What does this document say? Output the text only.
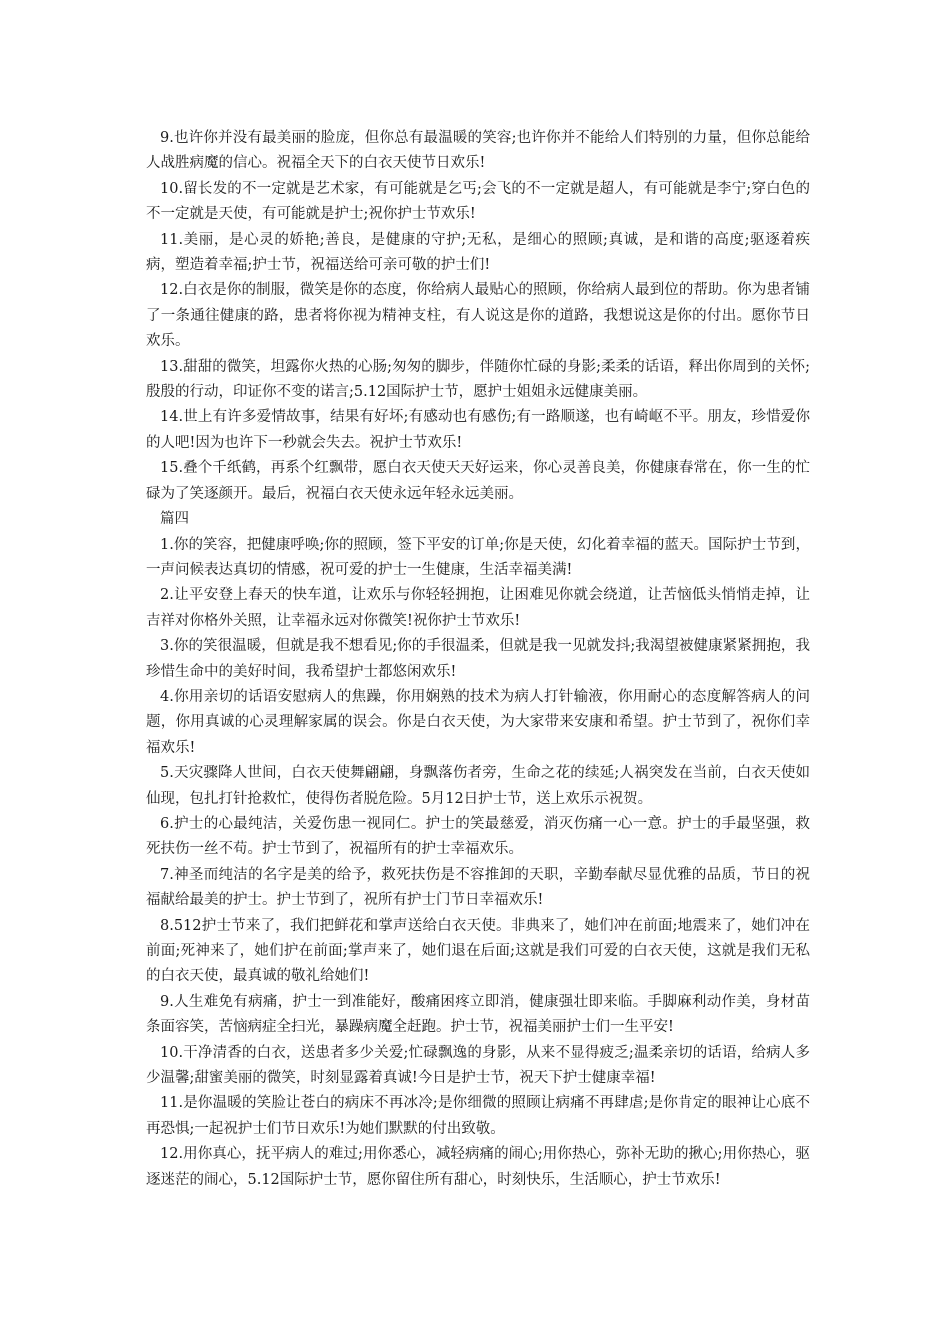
9.也许你并没有最美丽的脸庞，但你总有最温暖的笑容;也许你并不能给人们特别的力量，但你总能给人战胜病魔的信心。祝福全天下的白衣天使节日欢乐!

10.留长发的不一定就是艺术家，有可能就是乞丐;会飞的不一定就是超人，有可能就是李宁;穿白色的不一定就是天使，有可能就是护士;祝你护士节欢乐!

11.美丽，是心灵的娇艳;善良，是健康的守护;无私，是细心的照顾;真诚，是和谐的高度;驱逐着疾病，塑造着幸福;护士节，祝福送给可亲可敬的护士们!

12.白衣是你的制服，微笑是你的态度，你给病人最贴心的照顾，你给病人最到位的帮助。你为患者铺了一条通往健康的路，患者将你视为精神支柱，有人说这是你的道路，我想说这是你的付出。愿你节日欢乐。

13.甜甜的微笑，坦露你火热的心肠;匆匆的脚步，伴随你忙碌的身影;柔柔的话语，释出你周到的关怀;殷殷的行动，印证你不变的诺言;5.12国际护士节，愿护士姐姐永远健康美丽。

14.世上有许多爱情故事，结果有好坏;有感动也有感伤;有一路顺遂，也有崎岖不平。朋友，珍惜爱你的人吧!因为也许下一秒就会失去。祝护士节欢乐!

15.叠个千纸鹤，再系个红飘带，愿白衣天使天天好运来，你心灵善良美，你健康春常在，你一生的忙碌为了笑逐颜开。最后，祝福白衣天使永远年轻永远美丽。

篇四

1.你的笑容，把健康呼唤;你的照顾，签下平安的订单;你是天使，幻化着幸福的蓝天。国际护士节到，一声问候表达真切的情感，祝可爱的护士一生健康，生活幸福美满!

2.让平安登上春天的快车道，让欢乐与你轻轻拥抱，让困难见你就会绕道，让苦恼低头悄悄走掉，让吉祥对你格外关照，让幸福永远对你微笑!祝你护士节欢乐!

3.你的笑很温暖，但就是我不想看见;你的手很温柔，但就是我一见就发抖;我渴望被健康紧紧拥抱，我珍惜生命中的美好时间，我希望护士都悠闲欢乐!

4.你用亲切的话语安慰病人的焦躁，你用娴熟的技术为病人打针输液，你用耐心的态度解答病人的问题，你用真诚的心灵理解家属的误会。你是白衣天使，为大家带来安康和希望。护士节到了，祝你们幸福欢乐!

5.天灾骤降人世间，白衣天使舞翩翩，身飘落伤者旁，生命之花的续延;人祸突发在当前，白衣天使如仙现，包扎打针抢救忙，使得伤者脱危险。5月12日护士节，送上欢乐示祝贺。

6.护士的心最纯洁，关爱伤患一视同仁。护士的笑最慈爱，消灭伤痛一心一意。护士的手最坚强，救死扶伤一丝不苟。护士节到了，祝福所有的护士幸福欢乐。

7.神圣而纯洁的名字是美的给予，救死扶伤是不容推卸的天职，辛勤奉献尽显优雅的品质，节日的祝福献给最美的护士。护士节到了，祝所有护士门节日幸福欢乐!

8.512护士节来了，我们把鲜花和掌声送给白衣天使。非典来了，她们冲在前面;地震来了，她们冲在前面;死神来了，她们护在前面;掌声来了，她们退在后面;这就是我们可爱的白衣天使，这就是我们无私的白衣天使，最真诚的敬礼给她们!

9.人生难免有病痛，护士一到准能好，酸痛困疼立即消，健康强壮即来临。手脚麻利动作美，身材苗条面容笑，苦恼病症全扫光，暴躁病魔全赶跑。护士节，祝福美丽护士们一生平安!

10.干净清香的白衣，送患者多少关爱;忙碌飘逸的身影，从来不显得疲乏;温柔亲切的话语，给病人多少温馨;甜蜜美丽的微笑，时刻显露着真诚!今日是护士节，祝天下护士健康幸福!

11.是你温暖的笑脸让苍白的病床不再冰冷;是你细微的照顾让病痛不再肆虐;是你肯定的眼神让心底不再恐惧;一起祝护士们节日欢乐!为她们默默的付出致敬。

12.用你真心，抚平病人的难过;用你悉心，减轻病痛的闹心;用你热心，弥补无助的揪心;用你热心，驱逐迷茫的闹心，5.12国际护士节，愿你留住所有甜心，时刻快乐，生活顺心，护士节欢乐!
